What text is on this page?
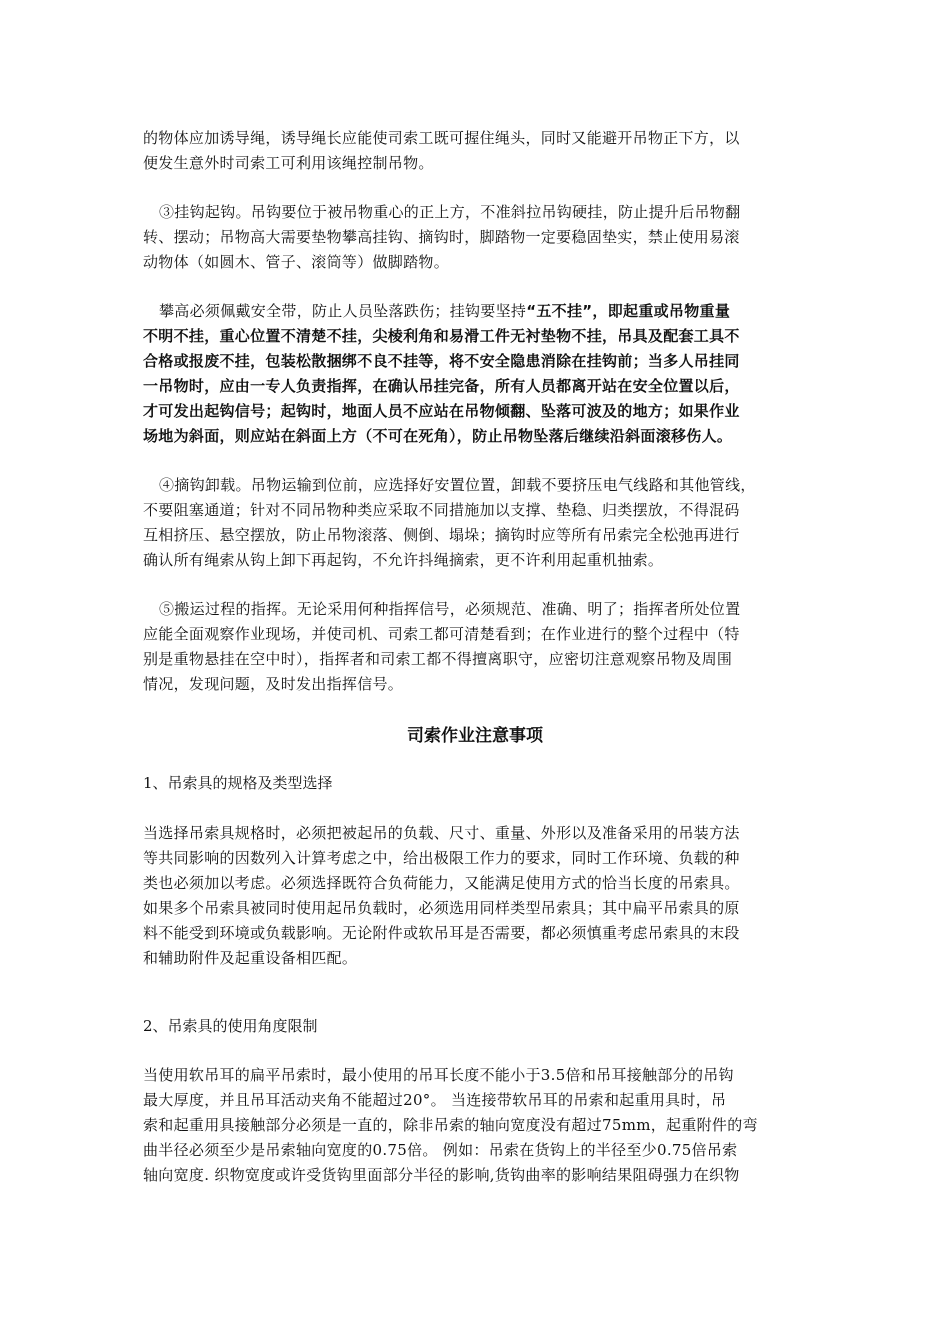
的物体应加诱导绳，诱导绳长应能使司索工既可握住绳头，同时又能避开吊物正下方，以
便发生意外时司索工可利用该绳控制吊物。
③挂钩起钩。吊钩要位于被吊物重心的正上方，不准斜拉吊钩硬挂，防止提升后吊物翻
转、摆动；吊物高大需要垫物攀高挂钩、摘钩时，脚踏物一定要稳固垫实，禁止使用易滚
动物体（如圆木、管子、滚筒等）做脚踏物。
攀高必须佩戴安全带，防止人员坠落跌伤；挂钩要坚持“五不挂”，即起重或吊物重量
不明不挂，重心位置不清楚不挂，尖棱利角和易滑工件无衬垫物不挂，吊具及配套工具不
合格或报废不挂，包装松散捆绑不良不挂等，将不安全隐患消除在挂钩前；当多人吊挂同
一吊物时，应由一专人负责指挥，在确认吊挂完备，所有人员都离开站在安全位置以后，
才可发出起钩信号；起钩时，地面人员不应站在吊物倾翻、坠落可波及的地方；如果作业
场地为斜面，则应站在斜面上方（不可在死角），防止吊物坠落后继续沿斜面滚移伤人。
④摘钩卸载。吊物运输到位前，应选择好安置位置，卸载不要挤压电气线路和其他管线，
不要阻塞通道；针对不同吊物种类应采取不同措施加以支撑、垫稳、归类摆放，不得混码
互相挤压、悬空摆放，防止吊物滚落、侧倒、塌垛；摘钩时应等所有吊索完全松弛再进行
确认所有绳索从钩上卸下再起钩，不允许抖绳摘索，更不许利用起重机抽索。
⑤搬运过程的指挥。无论采用何种指挥信号，必须规范、准确、明了；指挥者所处位置
应能全面观察作业现场，并使司机、司索工都可清楚看到；在作业进行的整个过程中（特
别是重物悬挂在空中时），指挥者和司索工都不得擅离职守，应密切注意观察吊物及周围
情况，发现问题，及时发出指挥信号。
司索作业注意事项
1、吊索具的规格及类型选择
当选择吊索具规格时，必须把被起吊的负载、尺寸、重量、外形以及准备采用的吊装方法
等共同影响的因数列入计算考虑之中，给出极限工作力的要求，同时工作环境、负载的种
类也必须加以考虑。必须选择既符合负荷能力，又能满足使用方式的恰当长度的吊索具。
如果多个吊索具被同时使用起吊负载时，必须选用同样类型吊索具；其中扁平吊索具的原
料不能受到环境或负载影响。无论附件或软吊耳是否需要，都必须慎重考虑吊索具的末段
和辅助附件及起重设备相匹配。
2、吊索具的使用角度限制
当使用软吊耳的扁平吊索时，最小使用的吊耳长度不能小于3.5倍和吊耳接触部分的吊钩
最大厚度，并且吊耳活动夹角不能超过20°。 当连接带软吊耳的吊索和起重用具时，吊
索和起重用具接触部分必须是一直的，除非吊索的轴向宽度没有超过75mm，起重附件的弯
曲半径必须至少是吊索轴向宽度的0.75倍。 例如：吊索在货钩上的半径至少0.75倍吊索
轴向宽度. 织物宽度或许受货钩里面部分半径的影响,货钩曲率的影响结果阻碍强力在织物
